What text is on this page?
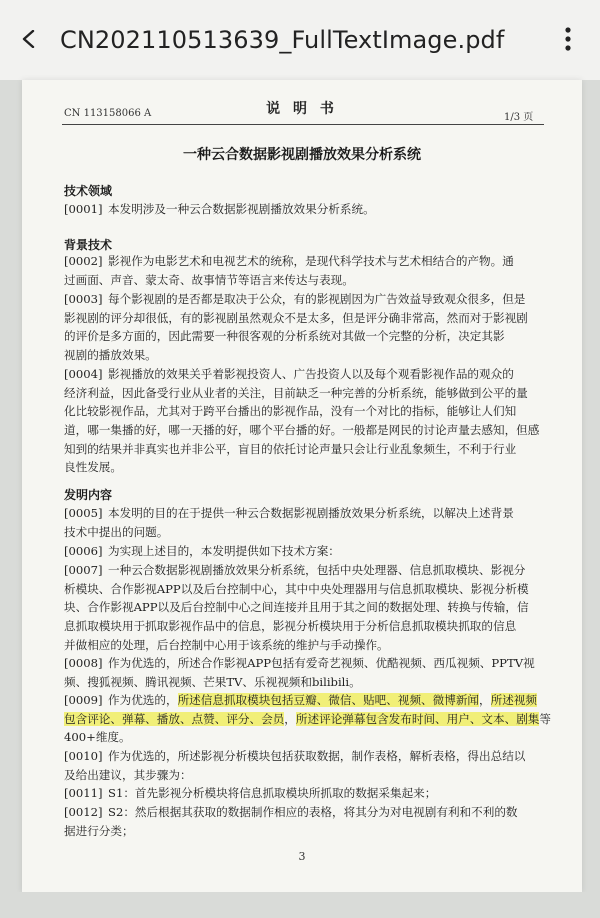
CN202110513639_FullTextImage.pdf
CN 113158066 A	说 明 书
1/3 页
一种云合数据影视剧播放效果分析系统
技术领域
[0001] 本发明涉及一种云合数据影视剧播放效果分析系统。
背景技术
[0002] 影视作为电影艺术和电视艺术的统称，是现代科学技术与艺术相结合的产物。通
过画面、声音、蒙太奇、故事情节等语言来传达与表现。
[0003] 每个影视剧的是否都是取决于公众，有的影视剧因为广告效益导致观众很多，但是
影视剧的评分却很低，有的影视剧虽然观众不是太多，但是评分确非常高，然而对于影视剧
的评价是多方面的，因此需要一种很客观的分析系统对其做一个完整的分析，决定其影
视剧的播放效果。
[0004] 影视播放的效果关乎着影视投资人、广告投资人以及每个观看影视作品的观众的
经济利益，因此备受行业从业者的关注，目前缺乏一种完善的分析系统，能够做到公平的量
化比较影视作品，尤其对于跨平台播出的影视作品，没有一个对比的指标，能够让人们知
道，哪一集播的好，哪一天播的好，哪个平台播的好。一般都是网民的讨论声量去感知，但感
知到的结果并非真实也并非公平，盲目的依托讨论声量只会让行业乱象频生，不利于行业
良性发展。
发明内容
[0005] 本发明的目的在于提供一种云合数据影视剧播放效果分析系统，以解决上述背景
技术中提出的问题。
[0006] 为实现上述目的，本发明提供如下技术方案：
[0007] 一种云合数据影视剧播放效果分析系统，包括中央处理器、信息抓取模块、影视分
析模块、合作影视APP以及后台控制中心，其中中央处理器用与信息抓取模块、影视分析模
块、合作影视APP以及后台控制中心之间连接并且用于其之间的数据处理、转换与传输，信
息抓取模块用于抓取影视作品中的信息，影视分析模块用于分析信息抓取模块抓取的信息
并做相应的处理，后台控制中心用于该系统的维护与手动操作。
[0008] 作为优选的，所述合作影视APP包括有爱奇艺视频、优酷视频、西瓜视频、PPTV视
频、搜狐视频、腾讯视频、芒果TV、乐视视频和bilibili。
[0009] 作为优选的，所述信息抓取模块包括豆瓣、微信、贴吧、视频、微博新闻，所述视频
包含评论、弹幕、播放、点赞、评分、会员，所述评论弹幕包含发布时间、用户、文本、剧集等
400+维度。
[0010] 作为优选的，所述影视分析模块包括获取数据，制作表格，解析表格，得出总结以
及给出建议，其步骤为：
[0011] S1：首先影视分析模块将信息抓取模块所抓取的数据采集起来；
[0012] S2：然后根据其获取的数据制作相应的表格，将其分为对电视剧有利和不利的数
据进行分类；
3
